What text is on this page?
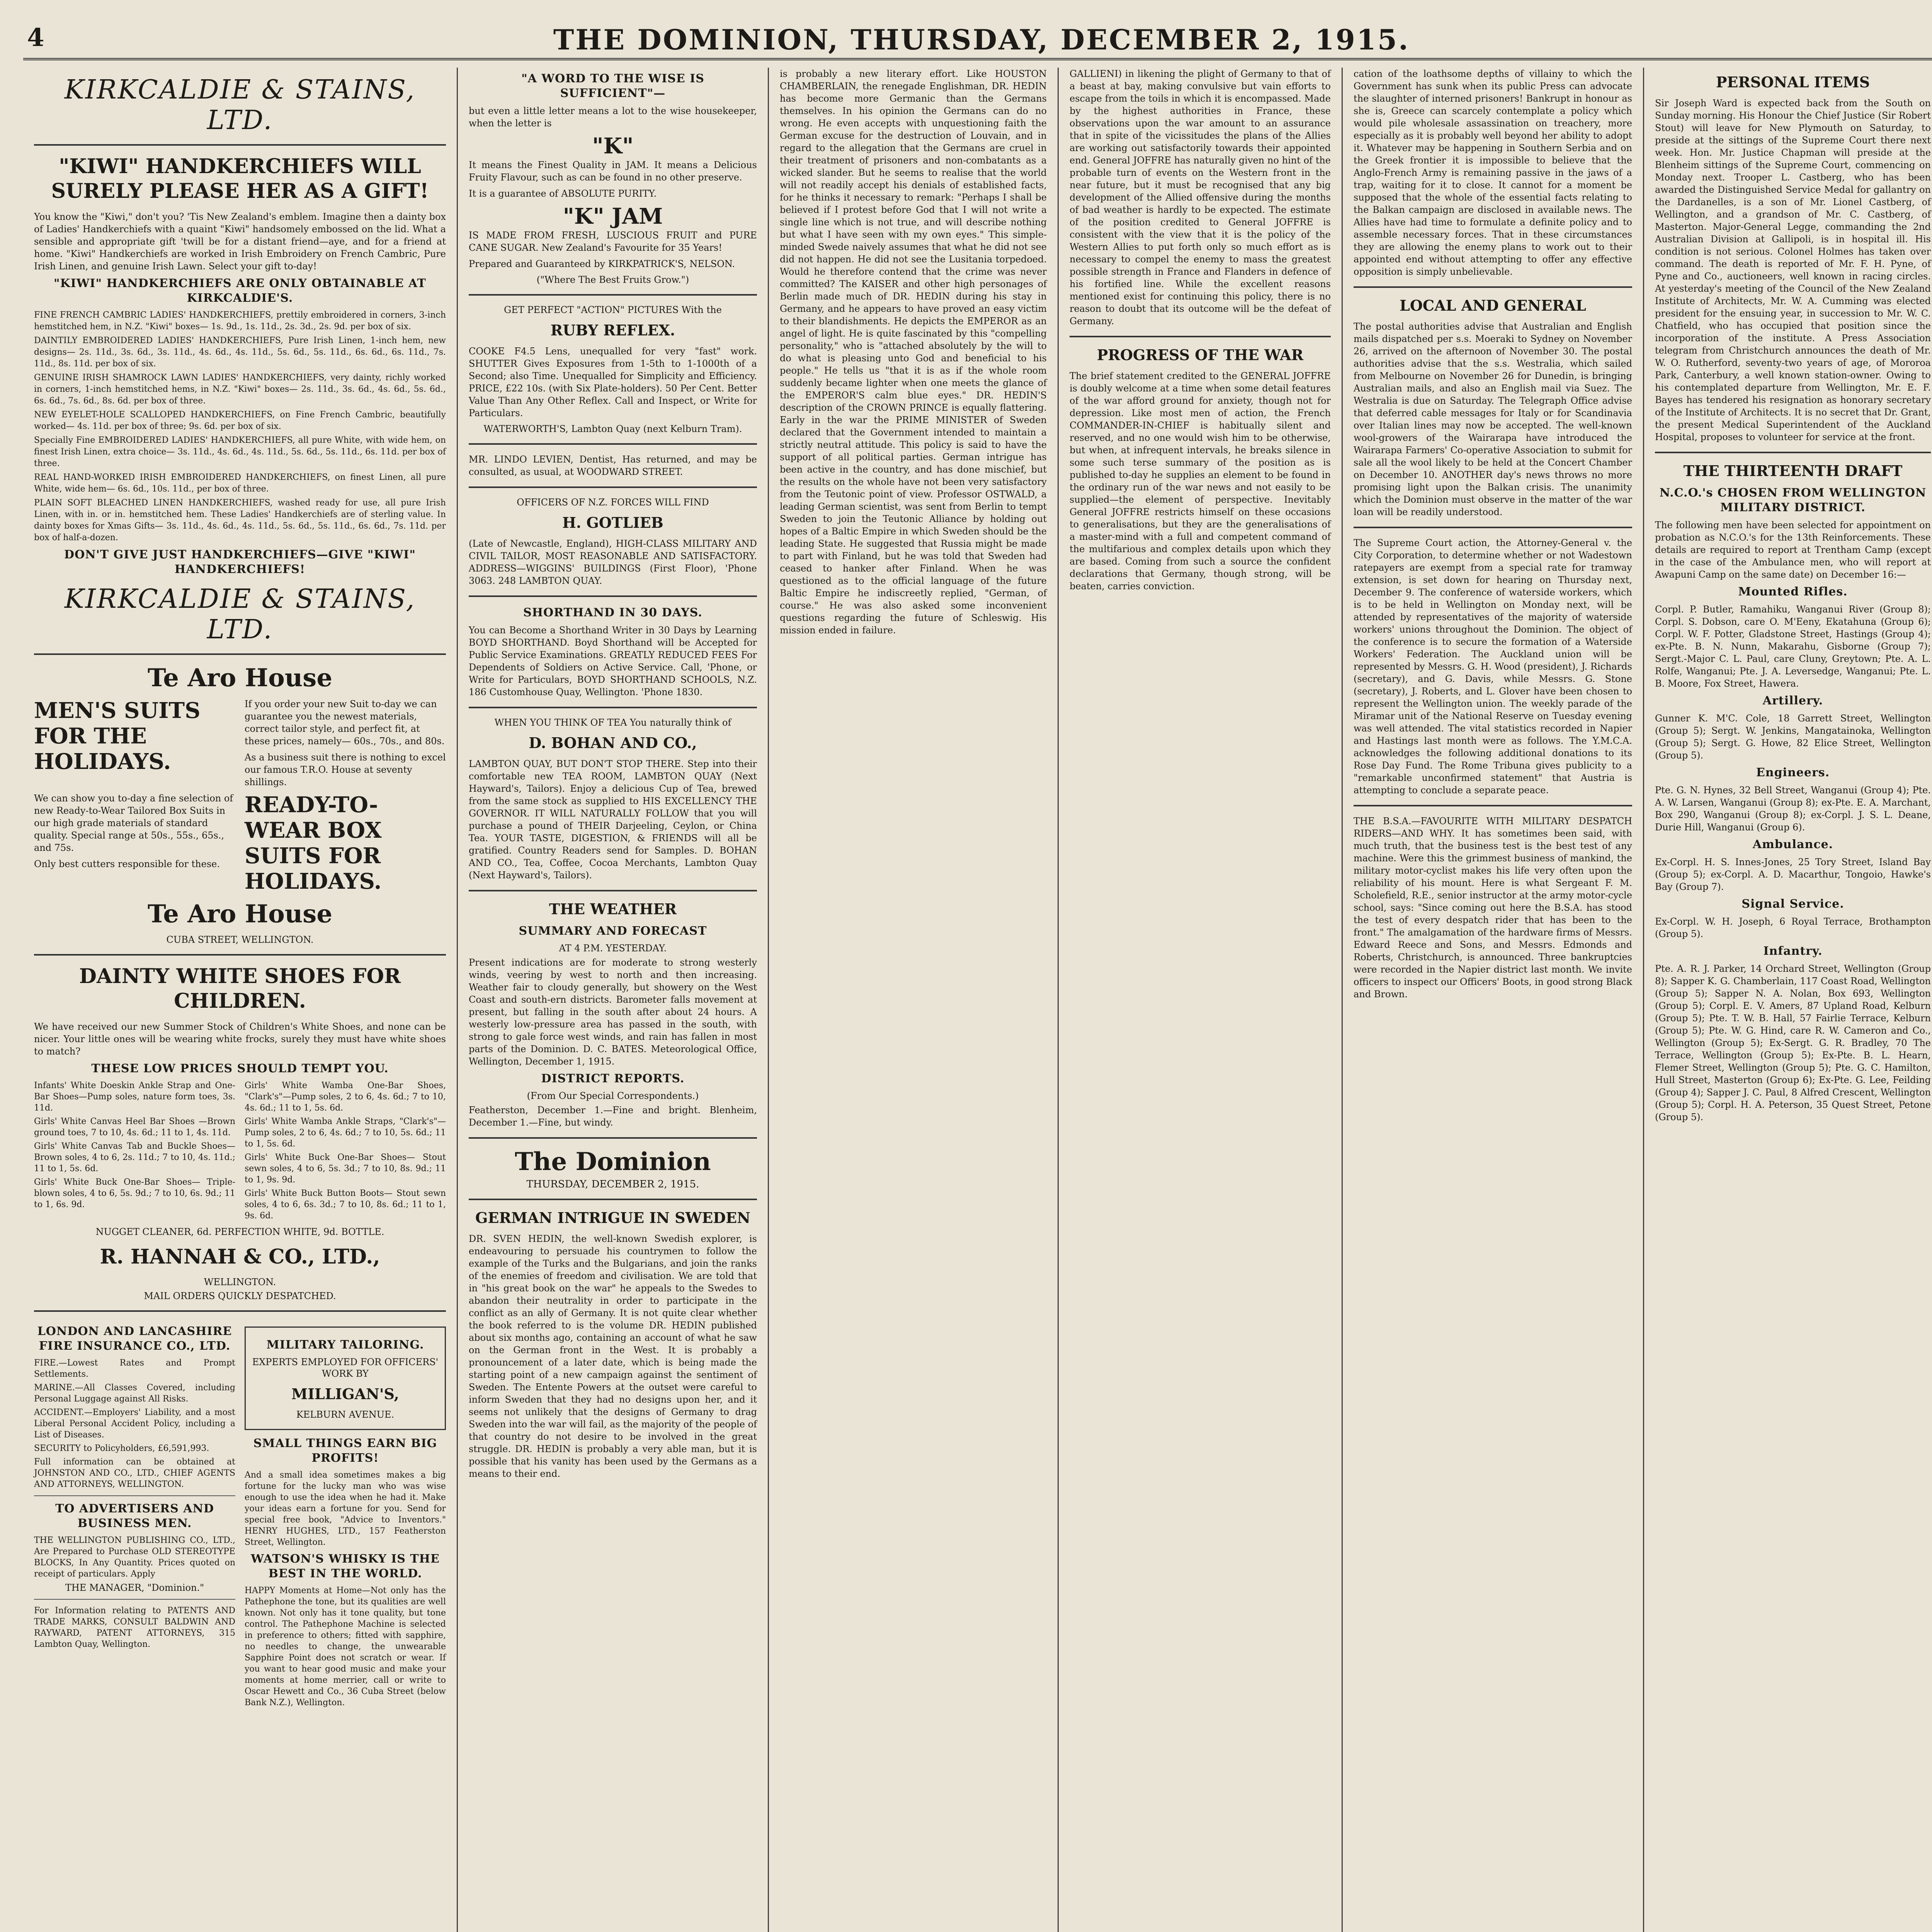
4	THE DOMINION, THURSDAY, DECEMBER 2, 1915.
KIRKCALDIE & STAINS, LTD.
"KIWI" HANDKERCHIEFS WILL SURELY PLEASE HER AS A GIFT!

You know the "Kiwi," don't you? 'Tis New Zealand's emblem. Imagine then a dainty box of Ladies' Handkerchiefs with a quaint "Kiwi" handsomely embossed on the lid. What a sensible and appropriate gift 'twill be for a distant friend—aye, and for a friend at home. "Kiwi" Handkerchiefs are worked in Irish Embroidery on French Cambric, Pure Irish Linen, and genuine Irish Lawn. Select your gift to-day!

"KIWI" HANDKERCHIEFS ARE ONLY OBTAINABLE AT KIRKCALDIE'S.
FINE FRENCH CAMBRIC LADIES' HANDKERCHIEFS, prettily embroidered in corners, 3-inch hemstitched hem, in N.Z. "Kiwi" boxes— 1s. 9d., 1s. 11d., 2s. 3d., 2s. 9d. per box of six.
DAINTILY EMBROIDERED LADIES' HANDKERCHIEFS, Pure Irish Linen, 1-inch hem, new designs— 2s. 11d., 3s. 6d., 3s. 11d., 4s. 6d., 4s. 11d., 5s. 6d., 5s. 11d., 6s. 6d., 6s. 11d., 7s. 11d., 8s. 11d. per box of six.
GENUINE IRISH SHAMROCK LAWN LADIES' HANDKERCHIEFS, very dainty, richly worked in corners, 1-inch hemstitched hems, in N.Z. "Kiwi" boxes— 2s. 11d., 3s. 6d., 4s. 6d., 5s. 6d., 6s. 6d., 7s. 6d., 8s. 6d. per box of three.
NEW EYELET-HOLE SCALLOPED HANDKERCHIEFS, on Fine French Cambric, beautifully worked— 4s. 11d. per box of three; 9s. 6d. per box of six.
Specially Fine EMBROIDERED LADIES' HANDKERCHIEFS, all pure White, with wide hem, on finest Irish Linen, extra choice— 3s. 11d., 4s. 6d., 4s. 11d., 5s. 6d., 5s. 11d., 6s. 11d. per box of three.
REAL HAND-WORKED IRISH EMBROIDERED HANDKERCHIEFS, on finest Linen, all pure White, wide hem— 6s. 6d., 10s. 11d., per box of three.
PLAIN SOFT BLEACHED LINEN HANDKERCHIEFS, washed ready for use, all pure Irish Linen, with in. or in. hemstitched hem. These Ladies' Handkerchiefs are of sterling value. In dainty boxes for Xmas Gifts— 3s. 11d., 4s. 6d., 4s. 11d., 5s. 6d., 5s. 11d., 6s. 6d., 7s. 11d. per box of half-a-dozen.
DON'T GIVE JUST HANDKERCHIEFS—GIVE "KIWI" HANDKERCHIEFS!
KIRKCALDIE & STAINS, LTD.
Te Aro House
MEN'S SUITS FOR THE HOLIDAYS.

If you order your new Suit to-day we can guarantee you the newest materials, correct tailor style, and perfect fit, at these prices, namely— 60s., 70s., and 80s.

As a business suit there is nothing to excel our famous T.R.O. House at seventy shillings.

We can show you to-day a fine selection of new Ready-to-Wear Tailored Box Suits in our high grade materials of standard quality. Special range at 50s., 55s., 65s., and 75s.

Only best cutters responsible for these.

READY-TO-WEAR BOX SUITS FOR HOLIDAYS.
Te Aro House
CUBA STREET, WELLINGTON.
DAINTY WHITE SHOES FOR CHILDREN.

We have received our new Summer Stock of Children's White Shoes, and none can be nicer. Your little ones will be wearing white frocks, surely they must have white shoes to match?

THESE LOW PRICES SHOULD TEMPT YOU.
Infants' White Doeskin Ankle Strap and One-Bar Shoes—Pump soles, nature form toes, 3s. 11d.
Girls' White Canvas Heel Bar Shoes —Brown ground toes, 7 to 10, 4s. 6d.; 11 to 1, 4s. 11d.
Girls' White Canvas Tab and Buckle Shoes—Brown soles, 4 to 6, 2s. 11d.; 7 to 10, 4s. 11d.; 11 to 1, 5s. 6d.
Girls' White Buck One-Bar Shoes— Triple-blown soles, 4 to 6, 5s. 9d.; 7 to 10, 6s. 9d.; 11 to 1, 6s. 9d.
Girls' White Wamba One-Bar Shoes, "Clark's"—Pump soles, 2 to 6, 4s. 6d.; 7 to 10, 4s. 6d.; 11 to 1, 5s. 6d.
Girls' White Wamba Ankle Straps, "Clark's"—Pump soles, 2 to 6, 4s. 6d.; 7 to 10, 5s. 6d.; 11 to 1, 5s. 6d.
Girls' White Buck One-Bar Shoes— Stout sewn soles, 4 to 6, 5s. 3d.; 7 to 10, 8s. 9d.; 11 to 1, 9s. 9d.
Girls' White Buck Button Boots— Stout sewn soles, 4 to 6, 6s. 3d.; 7 to 10, 8s. 6d.; 11 to 1, 9s. 6d.
NUGGET CLEANER, 6d. PERFECTION WHITE, 9d. BOTTLE.
R. HANNAH & CO., LTD.,
WELLINGTON.
MAIL ORDERS QUICKLY DESPATCHED.
LONDON AND LANCASHIRE FIRE INSURANCE CO., LTD.
FIRE.—Lowest Rates and Prompt Settlements.
MARINE.—All Classes Covered, including Personal Luggage against All Risks.
ACCIDENT.—Employers' Liability, and a most Liberal Personal Accident Policy, including a List of Diseases.
SECURITY to Policyholders, £6,591,993.
Full information can be obtained at JOHNSTON AND CO., LTD., CHIEF AGENTS AND ATTORNEYS, WELLINGTON.
TO ADVERTISERS AND BUSINESS MEN.
THE WELLINGTON PUBLISHING CO., LTD., Are Prepared to Purchase OLD STEREOTYPE BLOCKS, In Any Quantity. Prices quoted on receipt of particulars. Apply
THE MANAGER, "Dominion."
For Information relating to PATENTS AND TRADE MARKS, CONSULT BALDWIN AND RAYWARD, PATENT ATTORNEYS, 315 Lambton Quay, Wellington.
MILITARY TAILORING.
EXPERTS EMPLOYED FOR OFFICERS' WORK BY
MILLIGAN'S,
KELBURN AVENUE.
SMALL THINGS EARN BIG PROFITS!
And a small idea sometimes makes a big fortune for the lucky man who was wise enough to use the idea when he had it. Make your ideas earn a fortune for you. Send for special free book, "Advice to Inventors." HENRY HUGHES, LTD., 157 Featherston Street, Wellington.
WATSON'S WHISKY IS THE BEST IN THE WORLD.
HAPPY Moments at Home—Not only has the Pathephone the tone, but its qualities are well known. Not only has it tone quality, but tone control. The Pathephone Machine is selected in preference to others; fitted with sapphire, no needles to change, the unwearable Sapphire Point does not scratch or wear. If you want to hear good music and make your moments at home merrier, call or write to Oscar Hewett and Co., 36 Cuba Street (below Bank N.Z.), Wellington.
"A WORD TO THE WISE IS SUFFICIENT"—

but even a little letter means a lot to the wise housekeeper, when the letter is

"K"

It means the Finest Quality in JAM. It means a Delicious Fruity Flavour, such as can be found in no other preserve.

It is a guarantee of ABSOLUTE PURITY.

"K" JAM

IS MADE FROM FRESH, LUSCIOUS FRUIT and PURE CANE SUGAR. New Zealand's Favourite for 35 Years!

Prepared and Guaranteed by KIRKPATRICK'S, NELSON.

("Where The Best Fruits Grow.")
GET PERFECT "ACTION" PICTURES With the
RUBY REFLEX.

COOKE F4.5 Lens, unequalled for very "fast" work. SHUTTER Gives Exposures from 1-5th to 1-1000th of a Second; also Time. Unequalled for Simplicity and Efficiency. PRICE, £22 10s. (with Six Plate-holders). 50 Per Cent. Better Value Than Any Other Reflex. Call and Inspect, or Write for Particulars.

WATERWORTH'S, Lambton Quay (next Kelburn Tram).

MR. LINDO LEVIEN, Dentist, Has returned, and may be consulted, as usual, at WOODWARD STREET.

OFFICERS OF N.Z. FORCES WILL FIND
H. GOTLIEB

(Late of Newcastle, England), HIGH-CLASS MILITARY AND CIVIL TAILOR, MOST REASONABLE AND SATISFACTORY. ADDRESS—WIGGINS' BUILDINGS (First Floor), 'Phone 3063. 248 LAMBTON QUAY.

SHORTHAND IN 30 DAYS.

You can Become a Shorthand Writer in 30 Days by Learning BOYD SHORTHAND. Boyd Shorthand will be Accepted for Public Service Examinations. GREATLY REDUCED FEES For Dependents of Soldiers on Active Service. Call, 'Phone, or Write for Particulars, BOYD SHORTHAND SCHOOLS, N.Z. 186 Customhouse Quay, Wellington. 'Phone 1830.

WHEN YOU THINK OF TEA You naturally think of
D. BOHAN AND CO.,

LAMBTON QUAY, BUT DON'T STOP THERE. Step into their comfortable new TEA ROOM, LAMBTON QUAY (Next Hayward's, Tailors). Enjoy a delicious Cup of Tea, brewed from the same stock as supplied to HIS EXCELLENCY THE GOVERNOR. IT WILL NATURALLY FOLLOW that you will purchase a pound of THEIR Darjeeling, Ceylon, or China Tea. YOUR TASTE, DIGESTION, & FRIENDS will all be gratified. Country Readers send for Samples. D. BOHAN AND CO., Tea, Coffee, Cocoa Merchants, Lambton Quay (Next Hayward's, Tailors).

THE WEATHER
SUMMARY AND FORECAST
AT 4 P.M. YESTERDAY.

Present indications are for moderate to strong westerly winds, veering by west to north and then increasing. Weather fair to cloudy generally, but showery on the West Coast and south-ern districts. Barometer falls movement at present, but falling in the south after about 24 hours. A westerly low-pressure area has passed in the south, with strong to gale force west winds, and rain has fallen in most parts of the Dominion. D. C. BATES. Meteorological Office, Wellington, December 1, 1915.

DISTRICT REPORTS.
(From Our Special Correspondents.)

Featherston, December 1.—Fine and bright. Blenheim, December 1.—Fine, but windy.

The Dominion
THURSDAY, DECEMBER 2, 1915.
GERMAN INTRIGUE IN SWEDEN

DR. SVEN HEDIN, the well-known Swedish explorer, is endeavouring to persuade his countrymen to follow the example of the Turks and the Bulgarians, and join the ranks of the enemies of freedom and civilisation. We are told that in "his great book on the war" he appeals to the Swedes to abandon their neutrality in order to participate in the conflict as an ally of Germany. It is not quite clear whether the book referred to is the volume DR. HEDIN published about six months ago, containing an account of what he saw on the German front in the West. It is probably a pronouncement of a later date, which is being made the starting point of a new campaign against the sentiment of Sweden. The Entente Powers at the outset were careful to inform Sweden that they had no designs upon her, and it seems not unlikely that the designs of Germany to drag Sweden into the war will fail, as the majority of the people of that country do not desire to be involved in the great struggle. DR. HEDIN is probably a very able man, but it is possible that his vanity has been used by the Germans as a means to their end.

is probably a new literary effort. Like HOUSTON CHAMBERLAIN, the renegade Englishman, DR. HEDIN has become more Germanic than the Germans themselves. In his opinion the Germans can do no wrong. He even accepts with unquestioning faith the German excuse for the destruction of Louvain, and in regard to the allegation that the Germans are cruel in their treatment of prisoners and non-combatants as a wicked slander. But he seems to realise that the world will not readily accept his denials of established facts, for he thinks it necessary to remark: "Perhaps I shall be believed if I protest before God that I will not write a single line which is not true, and will describe nothing but what I have seen with my own eyes." This simple-minded Swede naively assumes that what he did not see did not happen. He did not see the Lusitania torpedoed. Would he therefore contend that the crime was never committed? The KAISER and other high personages of Berlin made much of DR. HEDIN during his stay in Germany, and he appears to have proved an easy victim to their blandishments. He depicts the EMPEROR as an angel of light. He is quite fascinated by this "compelling personality," who is "attached absolutely by the will to do what is pleasing unto God and beneficial to his people." He tells us "that it is as if the whole room suddenly became lighter when one meets the glance of the EMPEROR'S calm blue eyes." DR. HEDIN'S description of the CROWN PRINCE is equally flattering. Early in the war the PRIME MINISTER of Sweden declared that the Government intended to maintain a strictly neutral attitude. This policy is said to have the support of all political parties. German intrigue has been active in the country, and has done mischief, but the results on the whole have not been very satisfactory from the Teutonic point of view. Professor OSTWALD, a leading German scientist, was sent from Berlin to tempt Sweden to join the Teutonic Alliance by holding out hopes of a Baltic Empire in which Sweden should be the leading State. He suggested that Russia might be made to part with Finland, but he was told that Sweden had ceased to hanker after Finland. When he was questioned as to the official language of the future Baltic Empire he indiscreetly replied, "German, of course." He was also asked some inconvenient questions regarding the future of Schleswig. His mission ended in failure.

GALLIENI) in likening the plight of Germany to that of a beast at bay, making convulsive but vain efforts to escape from the toils in which it is encompassed. Made by the highest authorities in France, these observations upon the war amount to an assurance that in spite of the vicissitudes the plans of the Allies are working out satisfactorily towards their appointed end. General JOFFRE has naturally given no hint of the probable turn of events on the Western front in the near future, but it must be recognised that any big development of the Allied offensive during the months of bad weather is hardly to be expected. The estimate of the position credited to General JOFFRE is consistent with the view that it is the policy of the Western Allies to put forth only so much effort as is necessary to compel the enemy to mass the greatest possible strength in France and Flanders in defence of his fortified line. While the excellent reasons mentioned exist for continuing this policy, there is no reason to doubt that its outcome will be the defeat of Germany.

PROGRESS OF THE WAR

The brief statement credited to the GENERAL JOFFRE is doubly welcome at a time when some detail features of the war afford ground for anxiety, though not for depression. Like most men of action, the French COMMANDER-IN-CHIEF is habitually silent and reserved, and no one would wish him to be otherwise, but when, at infrequent intervals, he breaks silence in some such terse summary of the position as is published to-day he supplies an element to be found in the ordinary run of the war news and not easily to be supplied—the element of perspective. Inevitably General JOFFRE restricts himself on these occasions to generalisations, but they are the generalisations of a master-mind with a full and competent command of the multifarious and complex details upon which they are based. Coming from such a source the confident declarations that Germany, though strong, will be beaten, carries conviction.

cation of the loathsome depths of villainy to which the Government has sunk when its public Press can advocate the slaughter of interned prisoners! Bankrupt in honour as she is, Greece can scarcely contemplate a policy which would pile wholesale assassination on treachery, more especially as it is probably well beyond her ability to adopt it. Whatever may be happening in Southern Serbia and on the Greek frontier it is impossible to believe that the Anglo-French Army is remaining passive in the jaws of a trap, waiting for it to close. It cannot for a moment be supposed that the whole of the essential facts relating to the Balkan campaign are disclosed in available news. The Allies have had time to formulate a definite policy and to assemble necessary forces. That in these circumstances they are allowing the enemy plans to work out to their appointed end without attempting to offer any effective opposition is simply unbelievable.

LOCAL AND GENERAL

The postal authorities advise that Australian and English mails dispatched per s.s. Moeraki to Sydney on November 26, arrived on the afternoon of November 30. The postal authorities advise that the s.s. Westralia, which sailed from Melbourne on November 26 for Dunedin, is bringing Australian mails, and also an English mail via Suez. The Westralia is due on Saturday. The Telegraph Office advise that deferred cable messages for Italy or for Scandinavia over Italian lines may now be accepted. The well-known wool-growers of the Wairarapa have introduced the Wairarapa Farmers' Co-operative Association to submit for sale all the wool likely to be held at the Concert Chamber on December 10. ANOTHER day's news throws no more promising light upon the Balkan crisis. The unanimity which the Dominion must observe in the matter of the war loan will be readily understood.

The Supreme Court action, the Attorney-General v. the City Corporation, to determine whether or not Wadestown ratepayers are exempt from a special rate for tramway extension, is set down for hearing on Thursday next, December 9. The conference of waterside workers, which is to be held in Wellington on Monday next, will be attended by representatives of the majority of waterside workers' unions throughout the Dominion. The object of the conference is to secure the formation of a Waterside Workers' Federation. The Auckland union will be represented by Messrs. G. H. Wood (president), J. Richards (secretary), and G. Davis, while Messrs. G. Stone (secretary), J. Roberts, and L. Glover have been chosen to represent the Wellington union. The weekly parade of the Miramar unit of the National Reserve on Tuesday evening was well attended. The vital statistics recorded in Napier and Hastings last month were as follows. The Y.M.C.A. acknowledges the following additional donations to its Rose Day Fund. The Rome Tribuna gives publicity to a "remarkable unconfirmed statement" that Austria is attempting to conclude a separate peace.

THE B.S.A.—FAVOURITE WITH MILITARY DESPATCH RIDERS—AND WHY. It has sometimes been said, with much truth, that the business test is the best test of any machine. Were this the grimmest business of mankind, the military motor-cyclist makes his life very often upon the reliability of his mount. Here is what Sergeant F. M. Scholefield, R.E., senior instructor at the army motor-cycle school, says: "Since coming out here the B.S.A. has stood the test of every despatch rider that has been to the front." The amalgamation of the hardware firms of Messrs. Edward Reece and Sons, and Messrs. Edmonds and Roberts, Christchurch, is announced. Three bankruptcies were recorded in the Napier district last month. We invite officers to inspect our Officers' Boots, in good strong Black and Brown.

PERSONAL ITEMS

Sir Joseph Ward is expected back from the South on Sunday morning. His Honour the Chief Justice (Sir Robert Stout) will leave for New Plymouth on Saturday, to preside at the sittings of the Supreme Court there next week. Hon. Mr. Justice Chapman will preside at the Blenheim sittings of the Supreme Court, commencing on Monday next. Trooper L. Castberg, who has been awarded the Distinguished Service Medal for gallantry on the Dardanelles, is a son of Mr. Lionel Castberg, of Wellington, and a grandson of Mr. C. Castberg, of Masterton. Major-General Legge, commanding the 2nd Australian Division at Gallipoli, is in hospital ill. His condition is not serious. Colonel Holmes has taken over command. The death is reported of Mr. F. H. Pyne, of Pyne and Co., auctioneers, well known in racing circles. At yesterday's meeting of the Council of the New Zealand Institute of Architects, Mr. W. A. Cumming was elected president for the ensuing year, in succession to Mr. W. C. Chatfield, who has occupied that position since the incorporation of the institute. A Press Association telegram from Christchurch announces the death of Mr. W. O. Rutherford, seventy-two years of age, of Mororoa Park, Canterbury, a well known station-owner. Owing to his contemplated departure from Wellington, Mr. E. F. Bayes has tendered his resignation as honorary secretary of the Institute of Architects. It is no secret that Dr. Grant, the present Medical Superintendent of the Auckland Hospital, proposes to volunteer for service at the front.

THE THIRTEENTH DRAFT
N.C.O.'s CHOSEN FROM WELLINGTON MILITARY DISTRICT.

The following men have been selected for appointment on probation as N.C.O.'s for the 13th Reinforcements. These details are required to report at Trentham Camp (except in the case of the Ambulance men, who will report at Awapuni Camp on the same date) on December 16:—

Mounted Rifles.

Corpl. P. Butler, Ramahiku, Wanganui River (Group 8); Corpl. S. Dobson, care O. M'Eeny, Ekatahuna (Group 6); Corpl. W. F. Potter, Gladstone Street, Hastings (Group 4); ex-Pte. B. N. Nunn, Makarahu, Gisborne (Group 7); Sergt.-Major C. L. Paul, care Cluny, Greytown; Pte. A. L. Rolfe, Wanganui; Pte. J. A. Leversedge, Wanganui; Pte. L. B. Moore, Fox Street, Hawera.

Artillery.

Gunner K. M'C. Cole, 18 Garrett Street, Wellington (Group 5); Sergt. W. Jenkins, Mangatainoka, Wellington (Group 5); Sergt. G. Howe, 82 Elice Street, Wellington (Group 5).

Engineers.

Pte. G. N. Hynes, 32 Bell Street, Wanganui (Group 4); Pte. A. W. Larsen, Wanganui (Group 8); ex-Pte. E. A. Marchant, Box 290, Wanganui (Group 8); ex-Corpl. J. S. L. Deane, Durie Hill, Wanganui (Group 6).

Ambulance.

Ex-Corpl. H. S. Innes-Jones, 25 Tory Street, Island Bay (Group 5); ex-Corpl. A. D. Macarthur, Tongoio, Hawke's Bay (Group 7).

Signal Service.

Ex-Corpl. W. H. Joseph, 6 Royal Terrace, Brothampton (Group 5).

Infantry.

Pte. A. R. J. Parker, 14 Orchard Street, Wellington (Group 8); Sapper K. G. Chamberlain, 117 Coast Road, Wellington (Group 5); Sapper N. A. Nolan, Box 693, Wellington (Group 5); Corpl. E. V. Amers, 87 Upland Road, Kelburn (Group 5); Pte. T. W. B. Hall, 57 Fairlie Terrace, Kelburn (Group 5); Pte. W. G. Hind, care R. W. Cameron and Co., Wellington (Group 5); Ex-Sergt. G. R. Bradley, 70 The Terrace, Wellington (Group 5); Ex-Pte. B. L. Hearn, Flemer Street, Wellington (Group 5); Pte. G. C. Hamilton, Hull Street, Masterton (Group 6); Ex-Pte. G. Lee, Feilding (Group 4); Sapper J. C. Paul, 8 Alfred Crescent, Wellington (Group 5); Corpl. H. A. Peterson, 35 Quest Street, Petone (Group 5).
